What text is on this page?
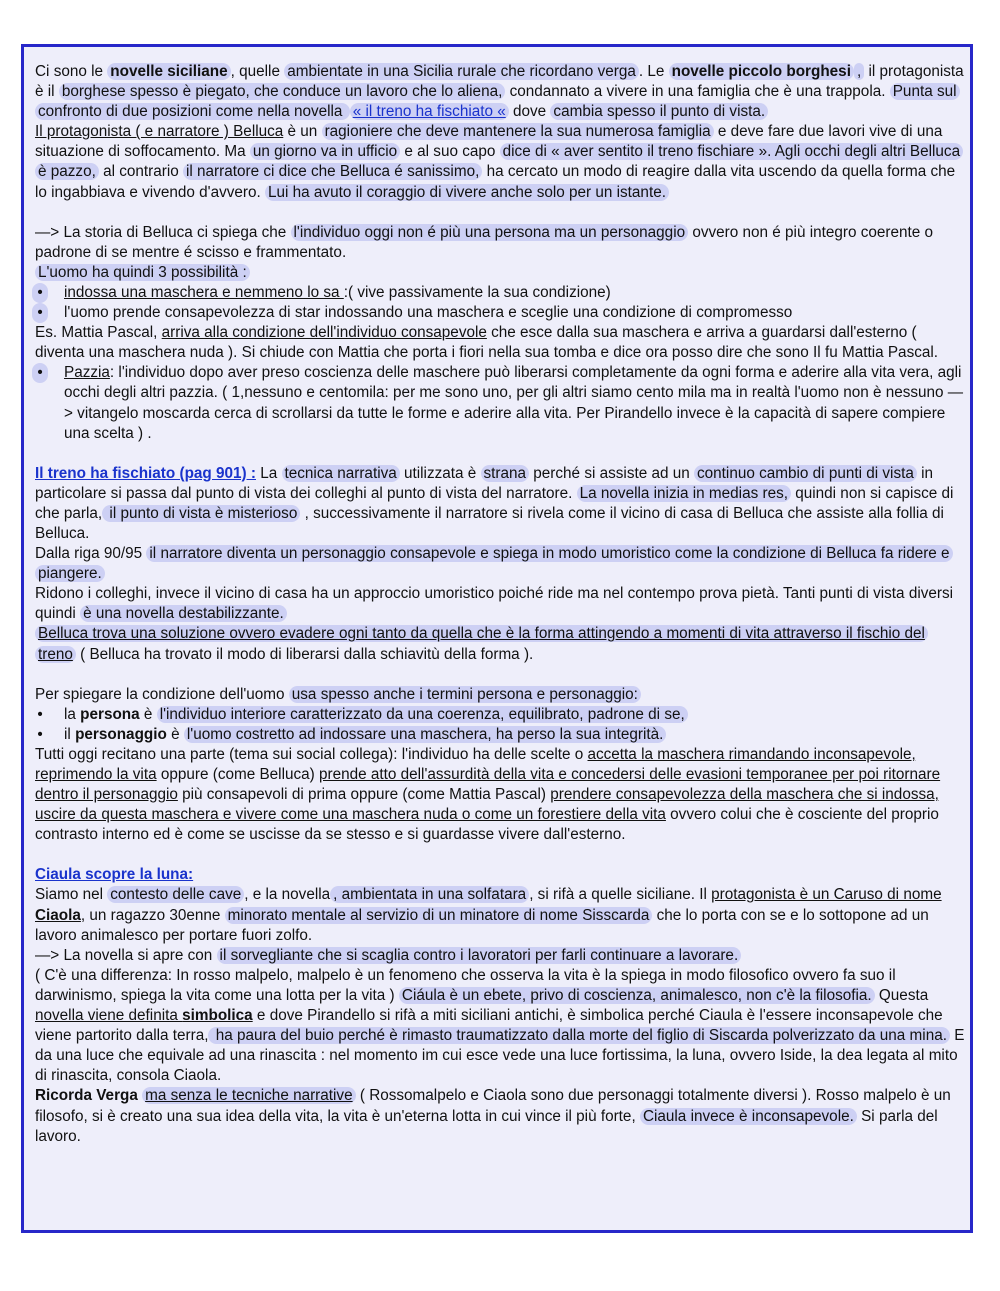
Ci sono le novelle siciliane , quelle ambientate in una Sicilia rurale che ricordano verga . Le novelle piccolo borghesi , il protagonista è il borghese spesso è piegato, che conduce un lavoro che lo aliena, condannato a vivere in una famiglia che è una trappola. Punta sul confronto di due posizioni come nella novella « il treno ha fischiato « dove cambia spesso il punto di vista.

Il protagonista ( e narratore ) Belluca è un ragioniere che deve mantenere la sua numerosa famiglia e deve fare due lavori vive di una situazione di soffocamento. Ma un giorno va in ufficio e al suo capo dice di « aver sentito il treno fischiare ». Agli occhi degli altri Belluca è pazzo, al contrario il narratore ci dice che Belluca é sanissimo, ha cercato un modo di reagire dalla vita uscendo da quella forma che lo ingabbiava e vivendo d'avvero. Lui ha avuto il coraggio di vivere anche solo per un istante.

—> La storia di Belluca ci spiega che l'individuo oggi non é più una persona ma un personaggio ovvero non é più integro coerente o padrone di se mentre é scisso e frammentato.

L'uomo ha quindi 3 possibilità :

•	indossa una maschera e nemmeno lo sa :( vive passivamente la sua condizione)

•	l'uomo prende consapevolezza di star indossando una maschera e sceglie una condizione di compromesso

Es. Mattia Pascal, arriva alla condizione dell'individuo consapevole che esce dalla sua maschera e arriva a guardarsi dall'esterno ( diventa una maschera nuda ). Si chiude con Mattia che porta i fiori nella sua tomba e dice ora posso dire che sono Il fu Mattia Pascal.

•	Pazzia: l'individuo dopo aver preso coscienza delle maschere può liberarsi completamente da ogni forma e aderire alla vita vera, agli occhi degli altri pazzia. ( 1,nessuno e centomila: per me sono uno, per gli altri siamo cento mila ma in realtà l'uomo non è nessuno —> vitangelo moscarda cerca di scrollarsi da tutte le forme e aderire alla vita. Per Pirandello invece è la capacità di sapere compiere una scelta ) .

Il treno ha fischiato (pag 901) : La tecnica narrativa utilizzata è strana perché si assiste ad un continuo cambio di punti di vista in particolare si passa dal punto di vista dei colleghi al punto di vista del narratore. La novella inizia in medias res, quindi non si capisce di che parla, il punto di vista è misterioso , successivamente il narratore si rivela come il vicino di casa di Belluca che assiste alla follia di Belluca.

Dalla riga 90/95 il narratore diventa un personaggio consapevole e spiega in modo umoristico come la condizione di Belluca fa ridere e piangere.

Ridono i colleghi, invece il vicino di casa ha un approccio umoristico poiché ride ma nel contempo prova pietà. Tanti punti di vista diversi quindi è una novella destabilizzante.

Belluca trova una soluzione ovvero evadere ogni tanto da quella che è la forma attingendo a momenti di vita attraverso il fischio del treno ( Belluca ha trovato il modo di liberarsi dalla schiavitù della forma ).

Per spiegare la condizione dell'uomo usa spesso anche i termini persona e personaggio:

•	la persona è l'individuo interiore caratterizzato da una coerenza, equilibrato, padrone di se,

•	il personaggio è l'uomo costretto ad indossare una maschera, ha perso la sua integrità.

Tutti oggi recitano una parte (tema sui social collega): l'individuo ha delle scelte o accetta la maschera rimandando inconsapevole, reprimendo la vita oppure (come Belluca) prende atto dell'assurdità della vita e concedersi delle evasioni temporanee per poi ritornare dentro il personaggio più consapevoli di prima oppure (come Mattia Pascal) prendere consapevolezza della maschera che si indossa, uscire da questa maschera e vivere come una maschera nuda o come un forestiere della vita ovvero colui che è cosciente del proprio contrasto interno ed è come se uscisse da se stesso e si guardasse vivere dall'esterno.

Ciaula scopre la luna:

Siamo nel contesto delle cave , e la novella , ambientata in una solfatara , si rifà a quelle siciliane. Il protagonista è un Caruso di nome Ciaola, un ragazzo 30enne minorato mentale al servizio di un minatore di nome Sisscarda che lo porta con se e lo sottopone ad un lavoro animalesco per portare fuori zolfo.

—> La novella si apre con il sorvegliante che si scaglia contro i lavoratori per farli continuare a lavorare.

( C'è una differenza: In rosso malpelo, malpelo è un fenomeno che osserva la vita è la spiega in modo filosofico ovvero fa suo il darwinismo, spiega la vita come una lotta per la vita ) Ciáula è un ebete, privo di coscienza, animalesco, non c'è la filosofia. Questa novella viene definita simbolica e dove Pirandello si rifà a miti siciliani antichi, è simbolica perché Ciaula è l'essere inconsapevole che viene partorito dalla terra, ha paura del buio perché è rimasto traumatizzato dalla morte del figlio di Siscarda polverizzato da una mina. E da una luce che equivale ad una rinascita : nel momento im cui esce vede una luce fortissima, la luna, ovvero Iside, la dea legata al mito di rinascita, consola Ciaola.

Ricorda Verga ma senza le tecniche narrative ( Rossomalpelo e Ciaola sono due personaggi totalmente diversi ). Rosso malpelo è un filosofo, si è creato una sua idea della vita, la vita è un'eterna lotta in cui vince il più forte, Ciaula invece è inconsapevole. Si parla del lavoro.
